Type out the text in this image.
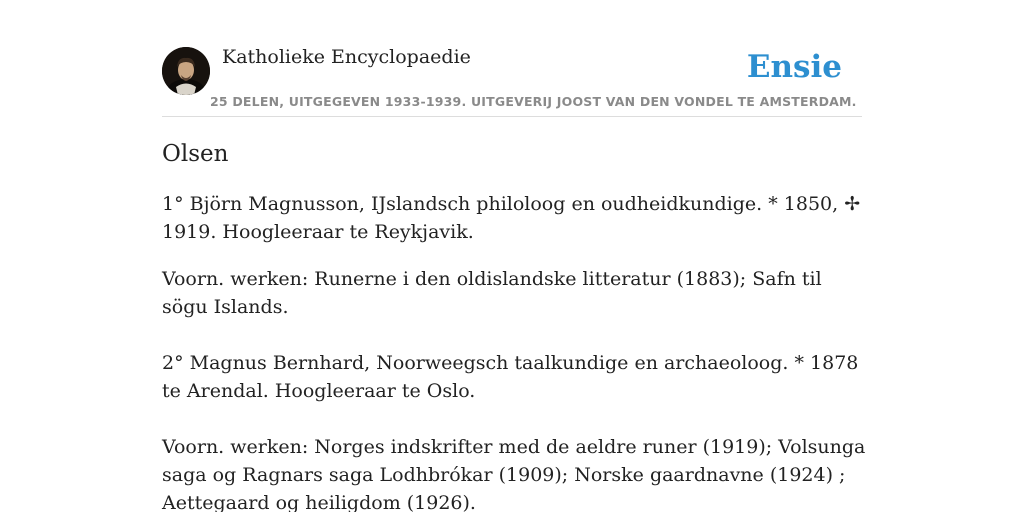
Katholieke Encyclopaedie
25 DELEN, UITGEGEVEN 1933-1939. UITGEVERIJ JOOST VAN DEN VONDEL TE AMSTERDAM.
Ensie
Olsen

1° Björn Magnusson, IJslandsch philoloog en oudheidkundige. * 1850, ✢ 1919. Hoogleeraar te Reykjavik.

Voorn. werken: Runerne i den oldislandske litteratur (1883); Safn til sögu Islands.

2° Magnus Bernhard, Noorweegsch taalkundige en archaeoloog. * 1878 te Arendal. Hoogleeraar te Oslo.

Voorn. werken: Norges indskrifter med de aeldre runer (1919); Volsunga saga og Ragnars saga Lodhbrókar (1909); Norske gaardnavne (1924) ; Aettegaard og heiligdom (1926).
